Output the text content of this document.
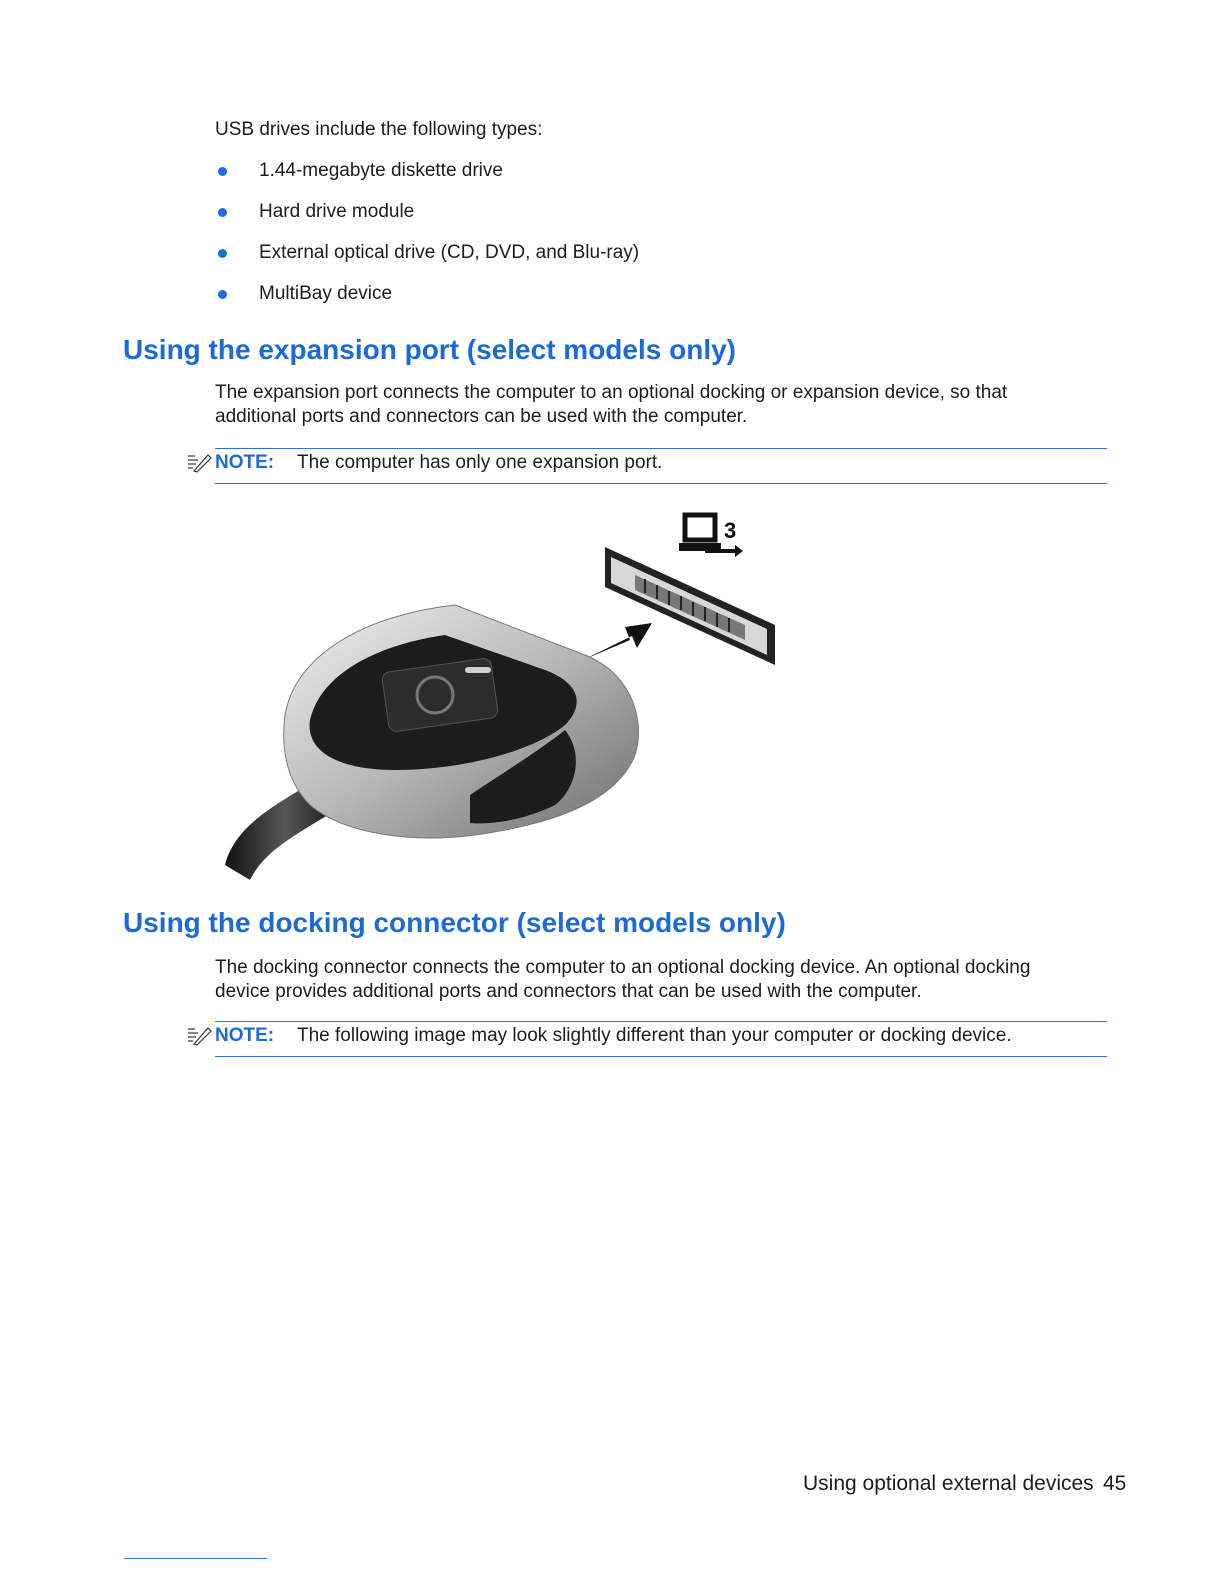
USB drives include the following types:
1.44-megabyte diskette drive
Hard drive module
External optical drive (CD, DVD, and Blu-ray)
MultiBay device
Using the expansion port (select models only)
The expansion port connects the computer to an optional docking or expansion device, so that
additional ports and connectors can be used with the computer.
NOTE: The computer has only one expansion port.
3
Using the docking connector (select models only)
The docking connector connects the computer to an optional docking device. An optional docking
device provides additional ports and connectors that can be used with the computer.
NOTE: The following image may look slightly different than your computer or docking device.
Using optional external devices 45
